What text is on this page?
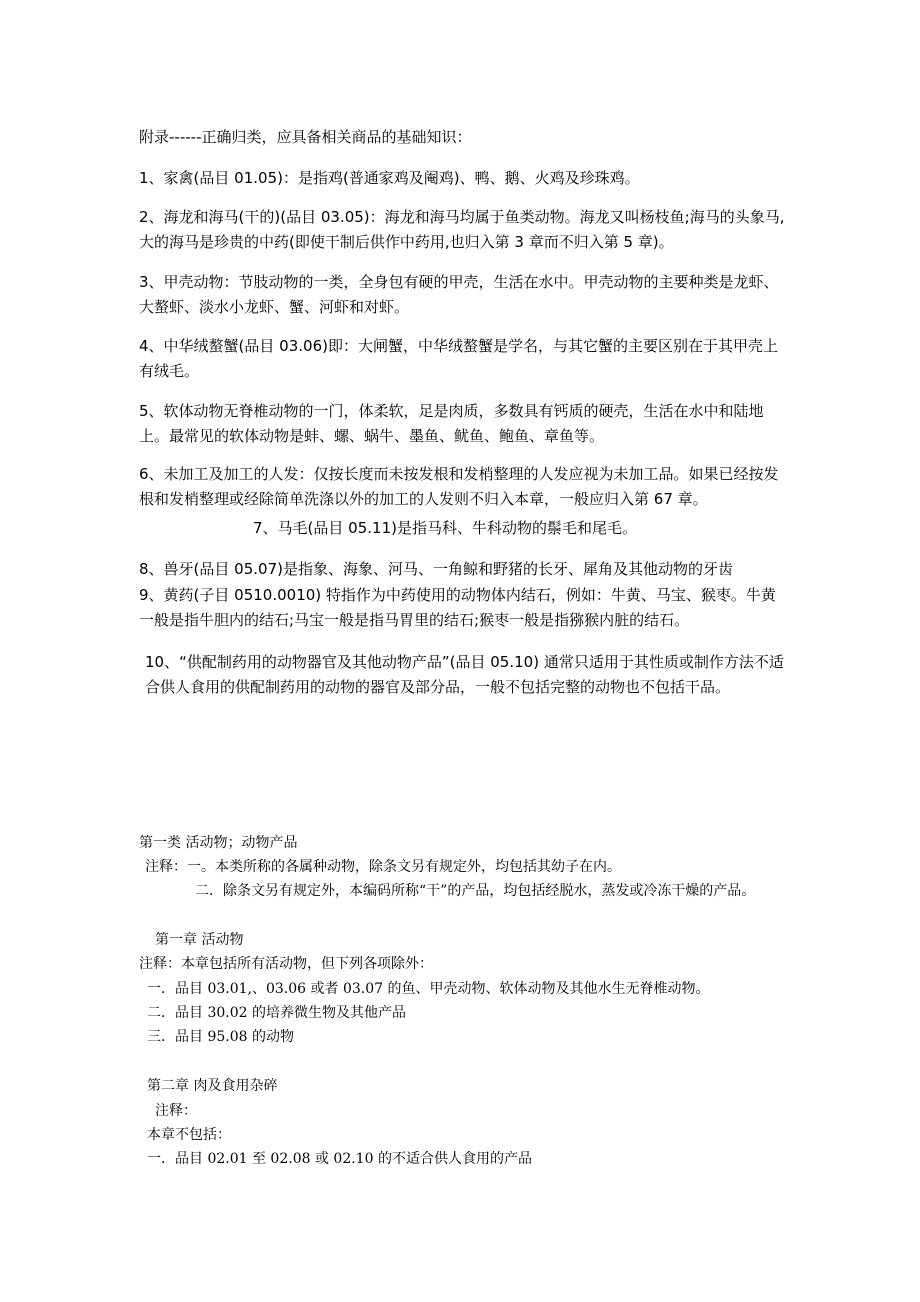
附录------正确归类，应具备相关商品的基础知识：
1、家禽(品目 01.05)：是指鸡(普通家鸡及阉鸡)、鸭、鹅、火鸡及珍珠鸡。
2、海龙和海马(干的)(品目 03.05)：海龙和海马均属于鱼类动物。海龙又叫杨枝鱼;海马的头象马,大的海马是珍贵的中药(即使干制后供作中药用,也归入第 3 章而不归入第 5 章)。
3、甲壳动物：节肢动物的一类，全身包有硬的甲壳，生活在水中。甲壳动物的主要种类是龙虾、大螯虾、淡水小龙虾、蟹、河虾和对虾。
4、中华绒螯蟹(品目 03.06)即：大闸蟹，中华绒螯蟹是学名，与其它蟹的主要区别在于其甲壳上有绒毛。
5、软体动物无脊椎动物的一门，体柔软，足是肉质，多数具有钙质的硬壳，生活在水中和陆地上。最常见的软体动物是蚌、螺、蜗牛、墨鱼、鱿鱼、鲍鱼、章鱼等。
6、未加工及加工的人发：仅按长度而未按发根和发梢整理的人发应视为未加工品。如果已经按发根和发梢整理或经除简单洗涤以外的加工的人发则不归入本章，一般应归入第 67 章。
7、马毛(品目 05.11)是指马科、牛科动物的鬃毛和尾毛。
8、兽牙(品目 05.07)是指象、海象、河马、一角鲸和野猪的长牙、犀角及其他动物的牙齿
9、黄药(子目 0510.0010) 特指作为中药使用的动物体内结石，例如：牛黄、马宝、猴枣。牛黄一般是指牛胆内的结石;马宝一般是指马胃里的结石;猴枣一般是指猕猴内脏的结石。
10、“供配制药用的动物器官及其他动物产品”(品目 05.10) 通常只适用于其性质或制作方法不适合供人食用的供配制药用的动物的器官及部分品，一般不包括完整的动物也不包括干品。
第一类 活动物；动物产品
注释：一。本类所称的各属种动物，除条文另有规定外，均包括其幼子在内。
二．除条文另有规定外，本编码所称“干”的产品，均包括经脱水，蒸发或冷冻干燥的产品。
第一章 活动物
注释：本章包括所有活动物，但下列各项除外：
一．品目 03.01,、03.06 或者 03.07 的鱼、甲壳动物、软体动物及其他水生无脊椎动物。
二．品目 30.02 的培养微生物及其他产品
三．品目 95.08 的动物
第二章 肉及食用杂碎
注释：
本章不包括：
一．品目 02.01 至 02.08 或 02.10 的不适合供人食用的产品
